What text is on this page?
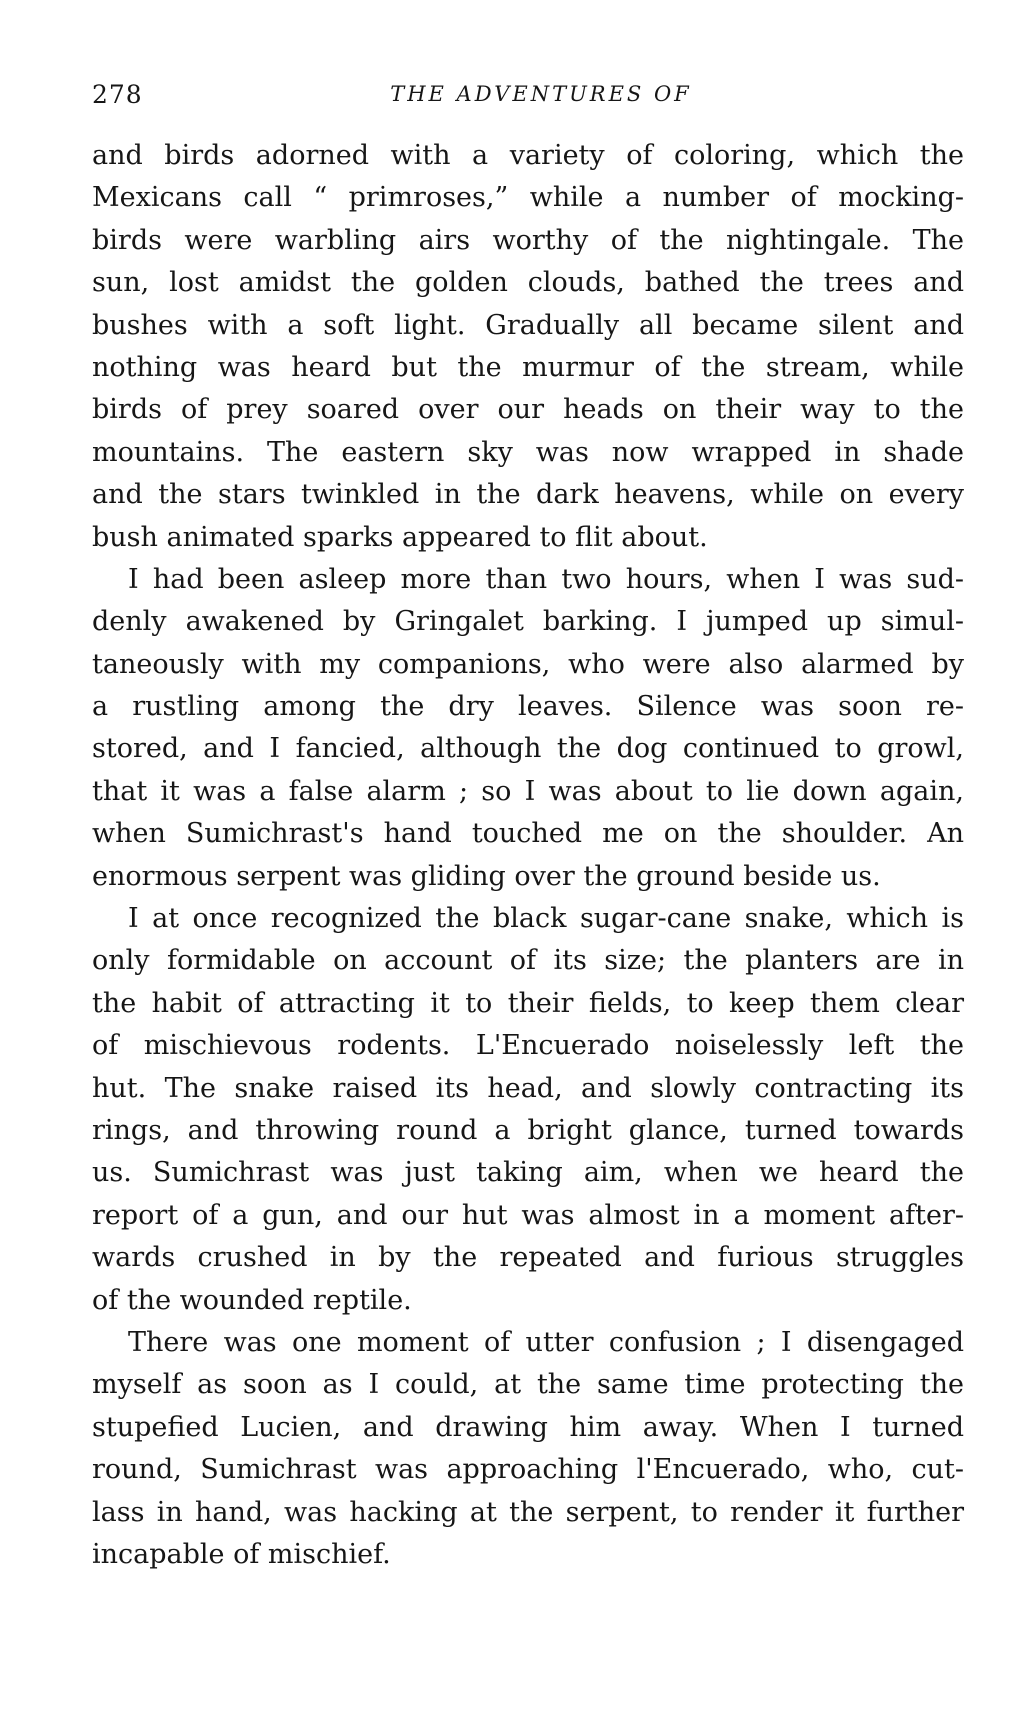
278	THE ADVENTURES OF
and birds adorned with a variety of coloring, which the
Mexicans call “ primroses,” while a number of mocking-
birds were warbling airs worthy of the nightingale. The
sun, lost amidst the golden clouds, bathed the trees and
bushes with a soft light. Gradually all became silent and
nothing was heard but the murmur of the stream, while
birds of prey soared over our heads on their way to the
mountains. The eastern sky was now wrapped in shade
and the stars twinkled in the dark heavens, while on every
bush animated sparks appeared to flit about.
I had been asleep more than two hours, when I was sud-
denly awakened by Gringalet barking. I jumped up simul-
taneously with my companions, who were also alarmed by
a rustling among the dry leaves. Silence was soon re-
stored, and I fancied, although the dog continued to growl,
that it was a false alarm ; so I was about to lie down again,
when Sumichrast's hand touched me on the shoulder. An
enormous serpent was gliding over the ground beside us.
I at once recognized the black sugar-cane snake, which is
only formidable on account of its size; the planters are in
the habit of attracting it to their fields, to keep them clear
of mischievous rodents. L'Encuerado noiselessly left the
hut. The snake raised its head, and slowly contracting its
rings, and throwing round a bright glance, turned towards
us. Sumichrast was just taking aim, when we heard the
report of a gun, and our hut was almost in a moment after-
wards crushed in by the repeated and furious struggles
of the wounded reptile.
There was one moment of utter confusion ; I disengaged
myself as soon as I could, at the same time protecting the
stupefied Lucien, and drawing him away. When I turned
round, Sumichrast was approaching l'Encuerado, who, cut-
lass in hand, was hacking at the serpent, to render it further
incapable of mischief.
